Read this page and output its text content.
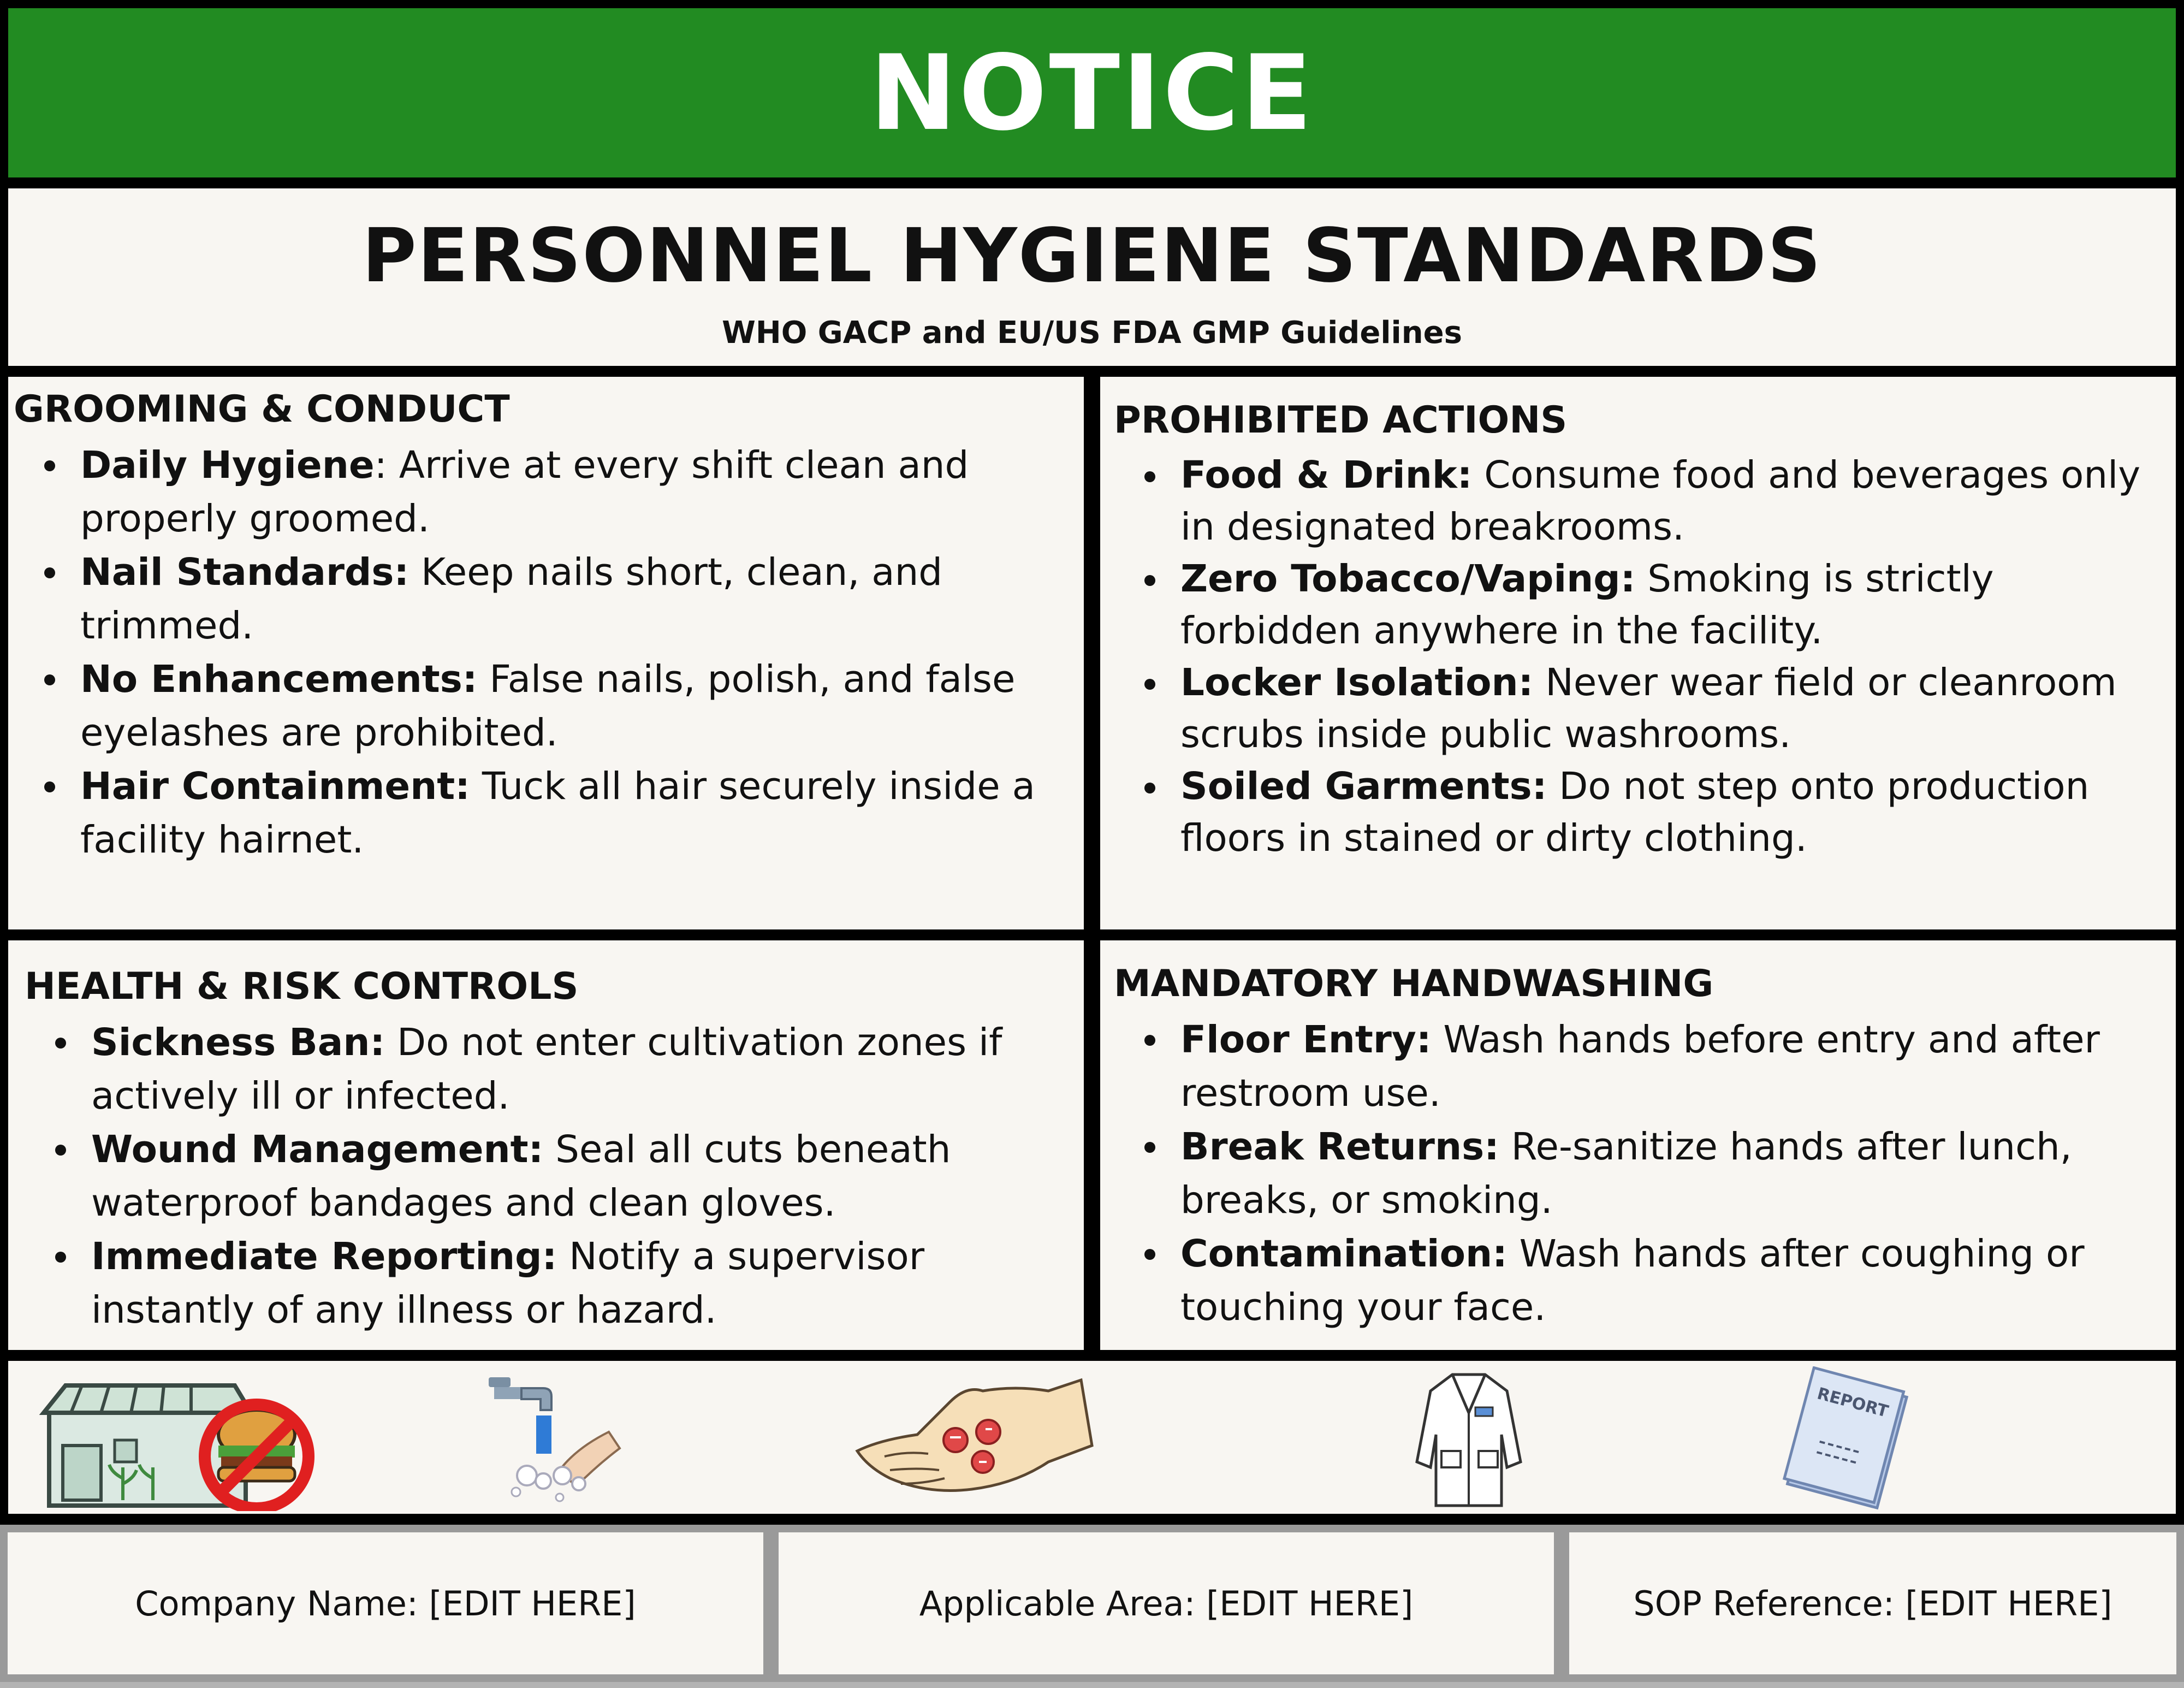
NOTICE
PERSONNEL HYGIENE STANDARDS
WHO GACP and EU/US FDA GMP Guidelines
GROOMING & CONDUCT
Daily Hygiene: Arrive at every shift clean and properly groomed.
Nail Standards: Keep nails short, clean, and trimmed.
No Enhancements: False nails, polish, and false eyelashes are prohibited.
Hair Containment: Tuck all hair securely inside a facility hairnet.
PROHIBITED ACTIONS
Food & Drink: Consume food and beverages only in designated breakrooms.
Zero Tobacco/Vaping: Smoking is strictly forbidden anywhere in the facility.
Locker Isolation: Never wear field or cleanroom scrubs inside public washrooms.
Soiled Garments: Do not step onto production floors in stained or dirty clothing.
HEALTH & RISK CONTROLS
Sickness Ban: Do not enter cultivation zones if actively ill or infected.
Wound Management: Seal all cuts beneath waterproof bandages and clean gloves.
Immediate Reporting: Notify a supervisor instantly of any illness or hazard.
MANDATORY HANDWASHING
Floor Entry: Wash hands before entry and after restroom use.
Break Returns: Re-sanitize hands after lunch, breaks, or smoking.
Contamination: Wash hands after coughing or touching your face.
REPORT
Company Name: [EDIT HERE]	Applicable Area: [EDIT HERE]	SOP Reference: [EDIT HERE]
